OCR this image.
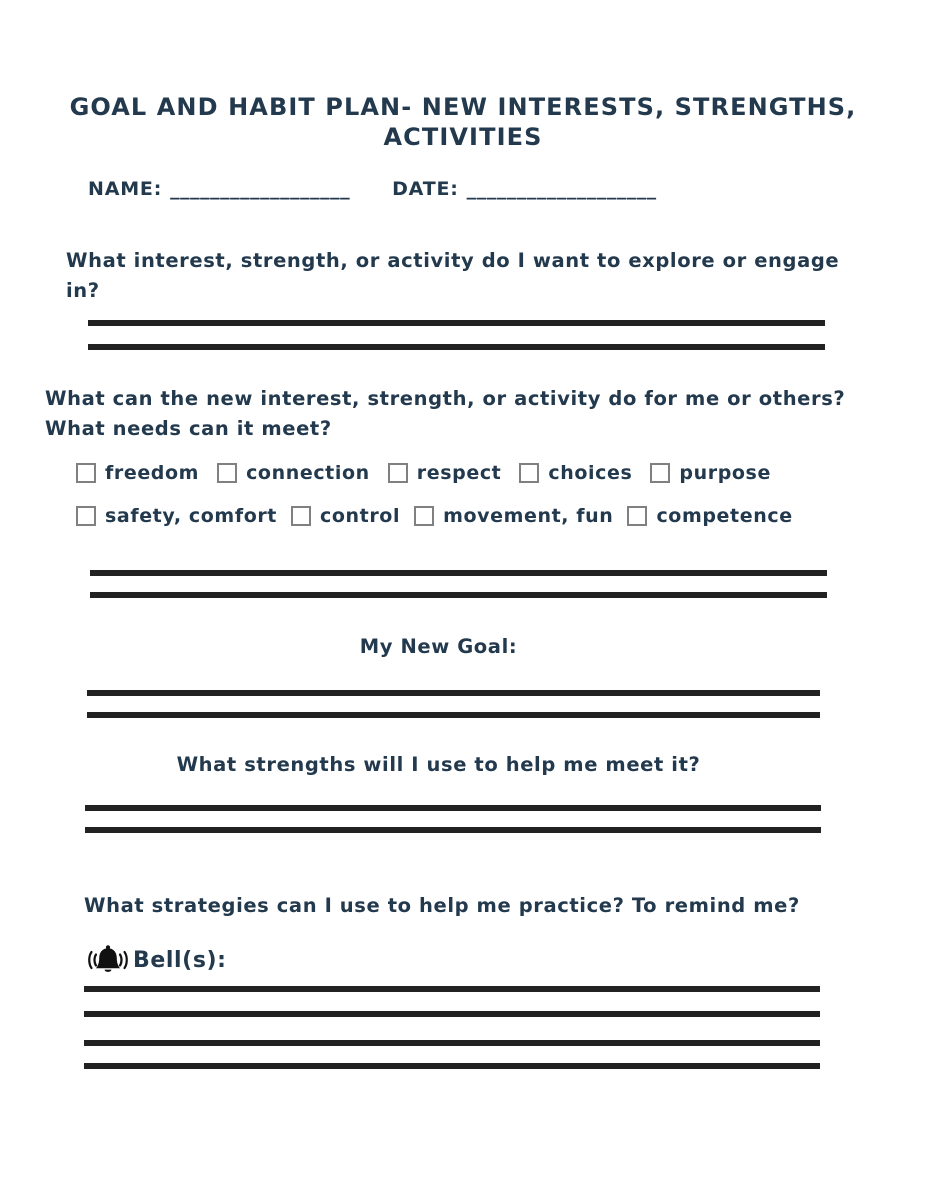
GOAL AND HABIT PLAN- NEW INTERESTS, STRENGTHS, ACTIVITIES
NAME: __________________ DATE: ___________________
What interest, strength, or activity do I want to explore or engage in?
What can the new interest, strength, or activity do for me or others? What needs can it meet?
freedom connection respect choices purpose
safety, comfort control movement, fun competence
My New Goal:
What strengths will I use to help me meet it?
What strategies can I use to help me practice? To remind me?
Bell(s):
